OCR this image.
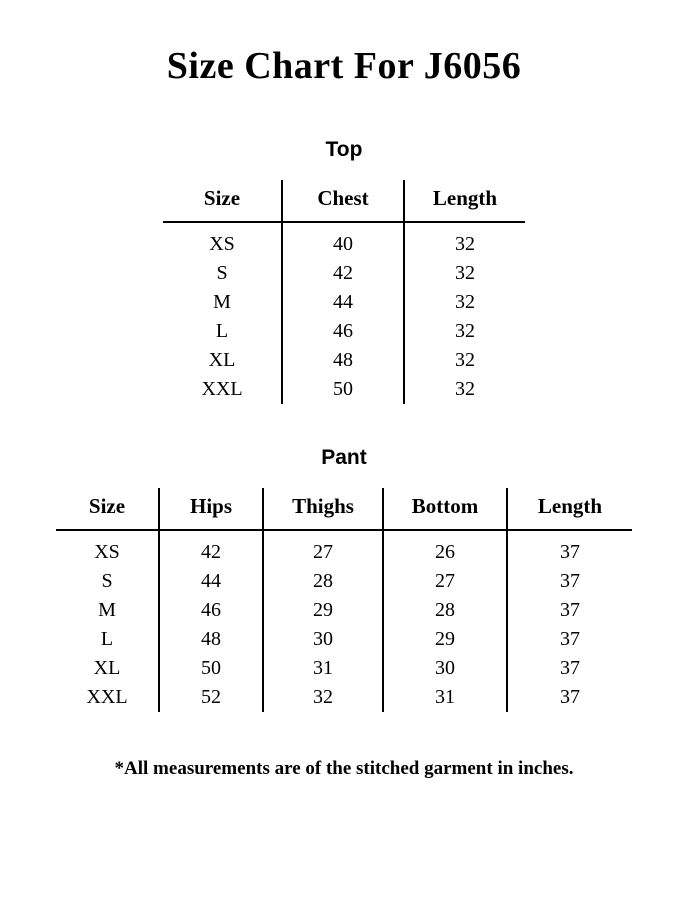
Size Chart For J6056
Top
Size	Chest	Length
XS	40	32
S	42	32
M	44	32
L	46	32
XL	48	32
XXL	50	32
Pant
Size	Hips	Thighs	Bottom	Length
XS	42	27	26	37
S	44	28	27	37
M	46	29	28	37
L	48	30	29	37
XL	50	31	30	37
XXL	52	32	31	37
*All measurements are of the stitched garment in inches.
